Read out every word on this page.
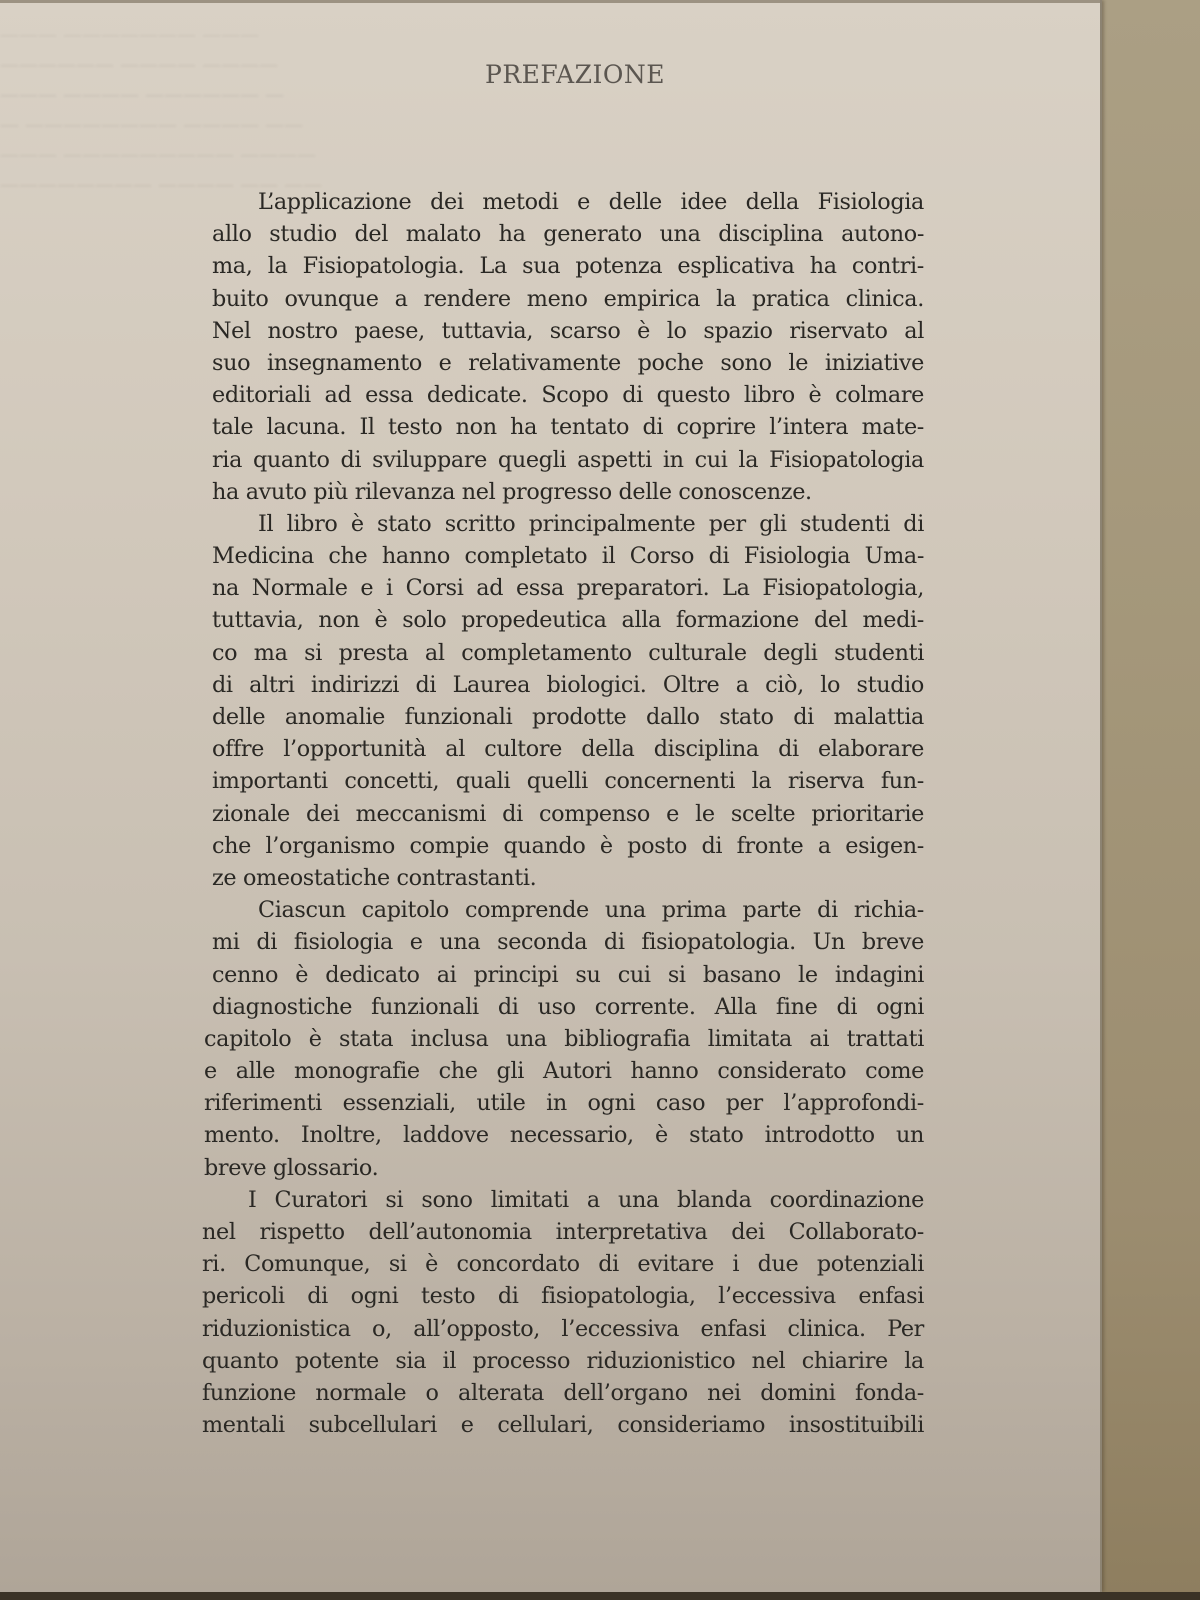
——— ——————— ———
—————— ———— ————
——— ———— —————— —
— ———————— ———— ——
——— ————————— ————
———————— ———— —— ——
PREFAZIONE
L’applicazione dei metodi e delle idee della Fisiologia
allo studio del malato ha generato una disciplina autono-
ma, la Fisiopatologia. La sua potenza esplicativa ha contri-
buito ovunque a rendere meno empirica la pratica clinica.
Nel nostro paese, tuttavia, scarso è lo spazio riservato al
suo insegnamento e relativamente poche sono le iniziative
editoriali ad essa dedicate. Scopo di questo libro è colmare
tale lacuna. Il testo non ha tentato di coprire l’intera mate-
ria quanto di sviluppare quegli aspetti in cui la Fisiopatologia
ha avuto più rilevanza nel progresso delle conoscenze.
Il libro è stato scritto principalmente per gli studenti di
Medicina che hanno completato il Corso di Fisiologia Uma-
na Normale e i Corsi ad essa preparatori. La Fisiopatologia,
tuttavia, non è solo propedeutica alla formazione del medi-
co ma si presta al completamento culturale degli studenti
di altri indirizzi di Laurea biologici. Oltre a ciò, lo studio
delle anomalie funzionali prodotte dallo stato di malattia
offre l’opportunità al cultore della disciplina di elaborare
importanti concetti, quali quelli concernenti la riserva fun-
zionale dei meccanismi di compenso e le scelte prioritarie
che l’organismo compie quando è posto di fronte a esigen-
ze omeostatiche contrastanti.
Ciascun capitolo comprende una prima parte di richia-
mi di fisiologia e una seconda di fisiopatologia. Un breve
cenno è dedicato ai principi su cui si basano le indagini
diagnostiche funzionali di uso corrente. Alla fine di ogni
capitolo è stata inclusa una bibliografia limitata ai trattati
e alle monografie che gli Autori hanno considerato come
riferimenti essenziali, utile in ogni caso per l’approfondi-
mento. Inoltre, laddove necessario, è stato introdotto un
breve glossario.
I Curatori si sono limitati a una blanda coordinazione
nel rispetto dell’autonomia interpretativa dei Collaborato-
ri. Comunque, si è concordato di evitare i due potenziali
pericoli di ogni testo di fisiopatologia, l’eccessiva enfasi
riduzionistica o, all’opposto, l’eccessiva enfasi clinica. Per
quanto potente sia il processo riduzionistico nel chiarire la
funzione normale o alterata dell’organo nei domini fonda-
mentali subcellulari e cellulari, consideriamo insostituibili
